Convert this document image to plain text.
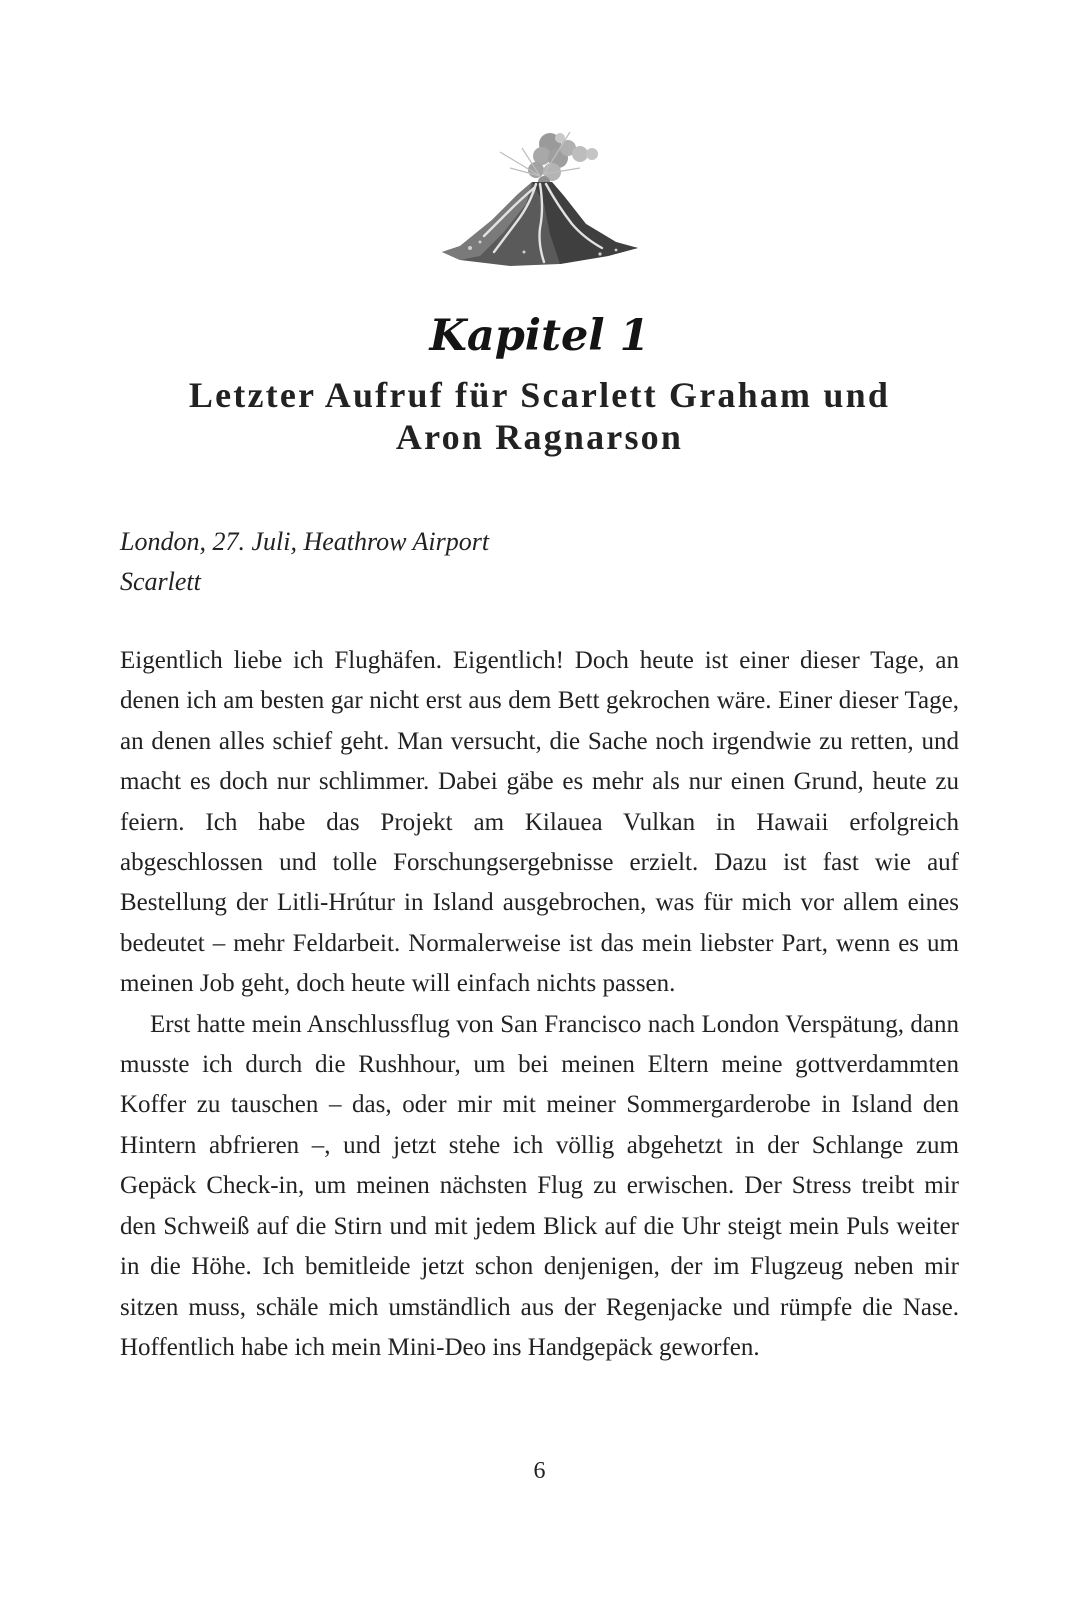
Kapitel 1
Letzter Aufruf für Scarlett Graham und Aron Ragnarson
London, 27. Juli, Heathrow Airport
Scarlett

Eigentlich liebe ich Flughäfen. Eigentlich! Doch heute ist einer dieser Tage, an denen ich am besten gar nicht erst aus dem Bett gekrochen wäre. Einer dieser Tage, an denen alles schief geht. Man versucht, die Sache noch irgendwie zu retten, und macht es doch nur schlimmer. Dabei gäbe es mehr als nur einen Grund, heute zu feiern. Ich habe das Projekt am Kilauea Vulkan in Hawaii erfolgreich abgeschlossen und tolle Forschungsergebnisse erzielt. Dazu ist fast wie auf Bestellung der Litli-Hrútur in Island ausgebrochen, was für mich vor allem eines bedeutet – mehr Feldarbeit. Normalerweise ist das mein liebster Part, wenn es um meinen Job geht, doch heute will einfach nichts passen.

Erst hatte mein Anschlussflug von San Francisco nach London Verspätung, dann musste ich durch die Rushhour, um bei meinen Eltern meine gottverdammten Koffer zu tauschen – das, oder mir mit meiner Sommergarderobe in Island den Hintern abfrieren –, und jetzt stehe ich völlig abgehetzt in der Schlange zum Gepäck Check-in, um meinen nächsten Flug zu erwischen. Der Stress treibt mir den Schweiß auf die Stirn und mit jedem Blick auf die Uhr steigt mein Puls weiter in die Höhe. Ich bemitleide jetzt schon denjenigen, der im Flugzeug neben mir sitzen muss, schäle mich umständlich aus der Regenjacke und rümpfe die Nase. Hoffentlich habe ich mein Mini-Deo ins Handgepäck geworfen.

6
